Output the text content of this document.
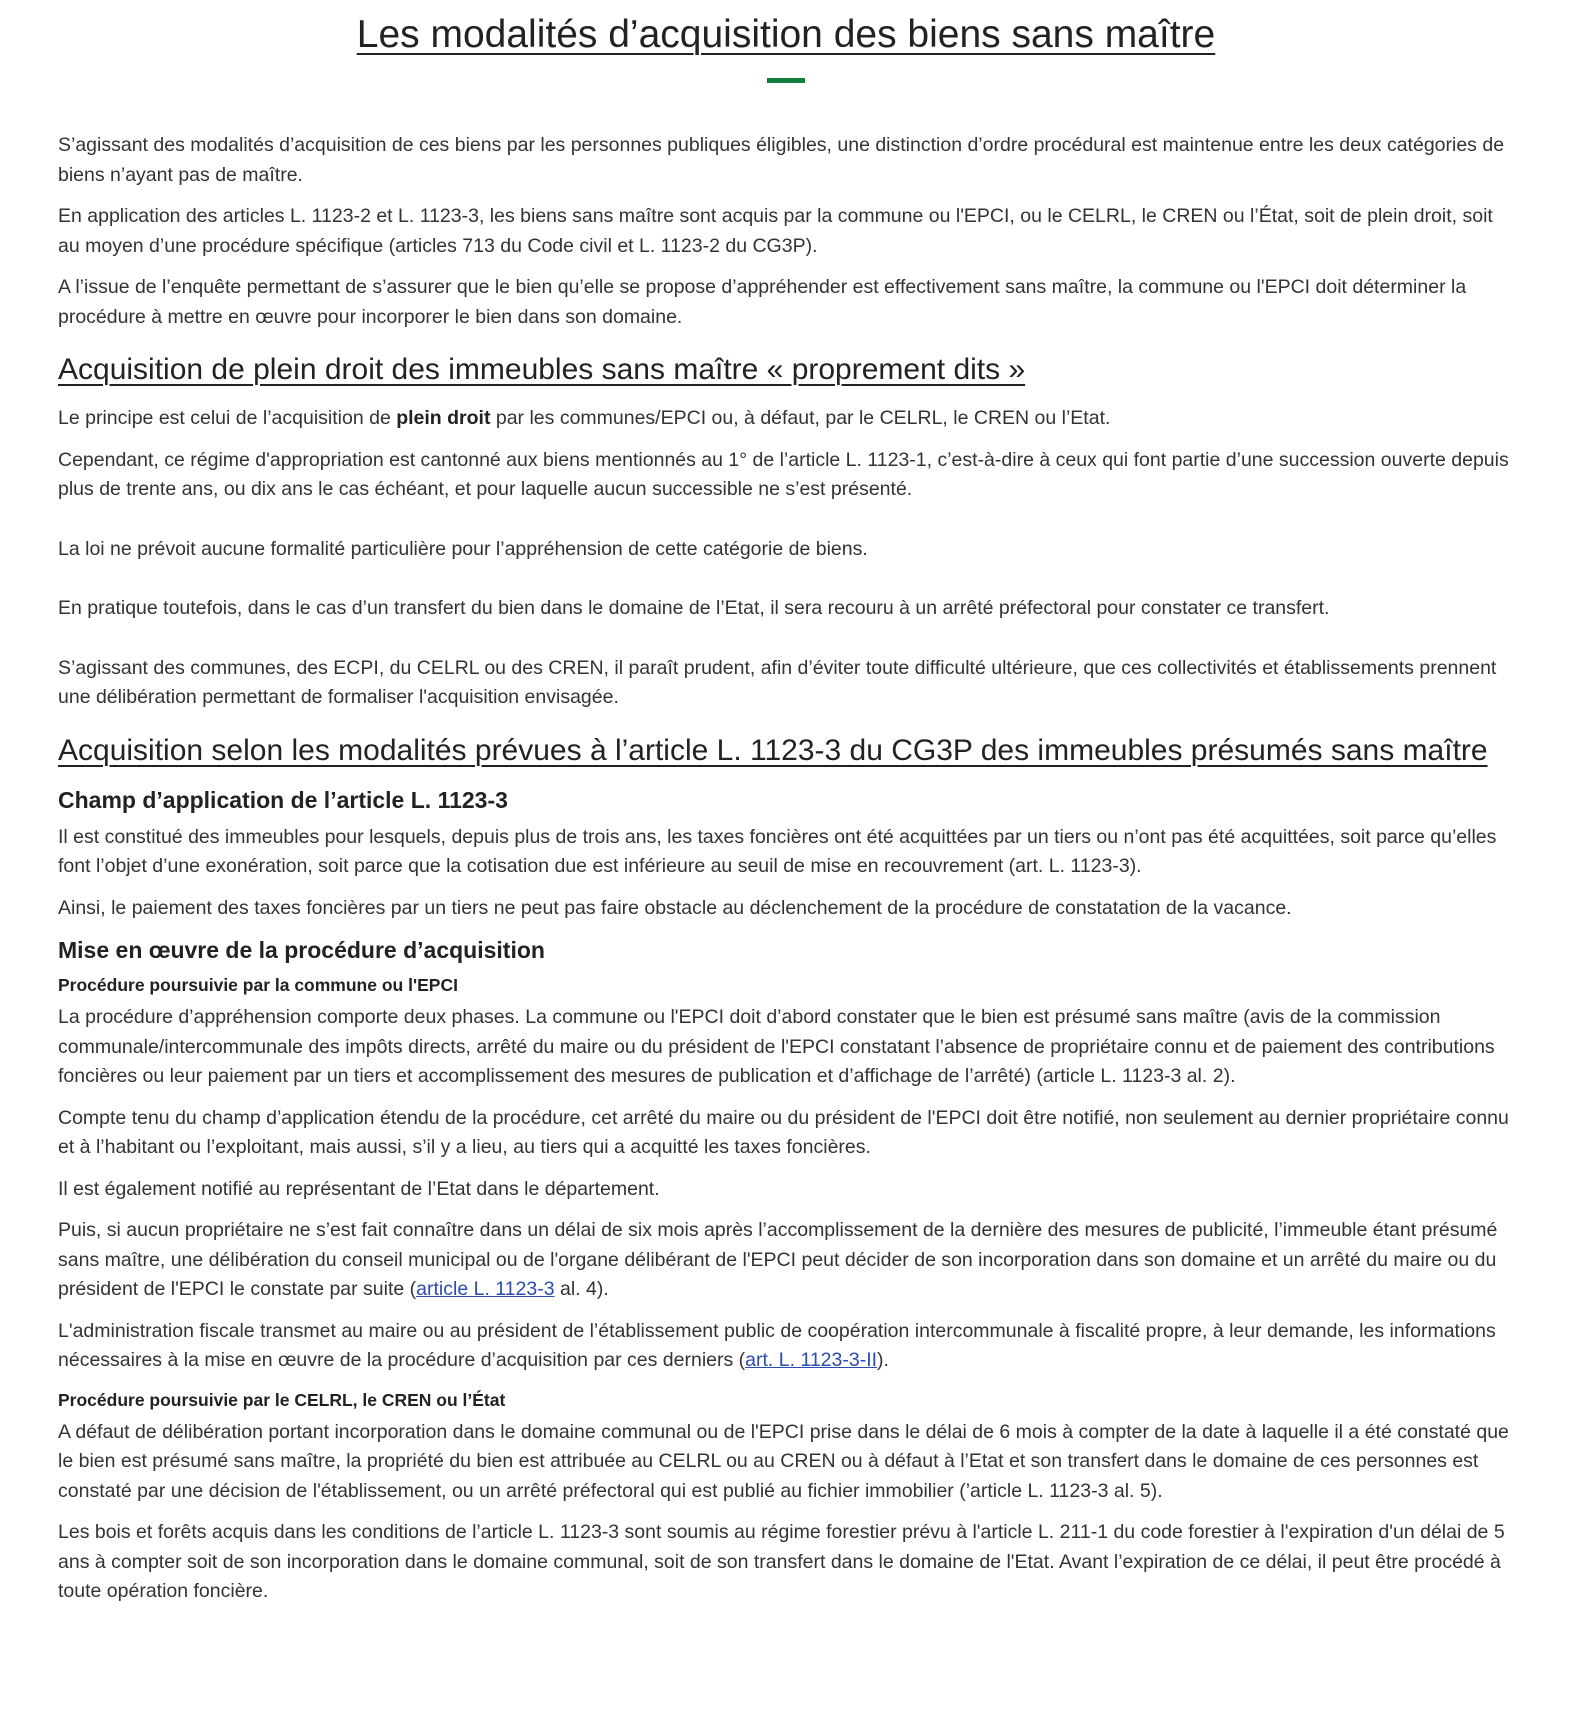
Les modalités d’acquisition des biens sans maître

S’agissant des modalités d’acquisition de ces biens par les personnes publiques éligibles, une distinction d’ordre procédural est maintenue entre les deux catégories de biens n’ayant pas de maître.

En application des articles L. 1123-2 et L. 1123-3, les biens sans maître sont acquis par la commune ou l'EPCI, ou le CELRL, le CREN ou l’État, soit de plein droit, soit au moyen d’une procédure spécifique (articles 713 du Code civil et L. 1123-2 du CG3P).

A l’issue de l’enquête permettant de s’assurer que le bien qu’elle se propose d’appréhender est effectivement sans maître, la commune ou l'EPCI doit déterminer la procédure à mettre en œuvre pour incorporer le bien dans son domaine.

Acquisition de plein droit des immeubles sans maître « proprement dits »

Le principe est celui de l’acquisition de plein droit par les communes/EPCI ou, à défaut, par le CELRL, le CREN ou l’Etat.

Cependant, ce régime d'appropriation est cantonné aux biens mentionnés au 1° de l’article L. 1123-1, c’est-à-dire à ceux qui font partie d’une succession ouverte depuis plus de trente ans, ou dix ans le cas échéant, et pour laquelle aucun successible ne s’est présenté.

La loi ne prévoit aucune formalité particulière pour l’appréhension de cette catégorie de biens.

En pratique toutefois, dans le cas d’un transfert du bien dans le domaine de l’Etat, il sera recouru à un arrêté préfectoral pour constater ce transfert.

S’agissant des communes, des ECPI, du CELRL ou des CREN, il paraît prudent, afin d’éviter toute difficulté ultérieure, que ces collectivités et établissements prennent une délibération permettant de formaliser l'acquisition envisagée.

Acquisition selon les modalités prévues à l’article L. 1123-3 du CG3P des immeubles présumés sans maître
Champ d’application de l’article L. 1123-3

Il est constitué des immeubles pour lesquels, depuis plus de trois ans, les taxes foncières ont été acquittées par un tiers ou n’ont pas été acquittées, soit parce qu’elles font l’objet d’une exonération, soit parce que la cotisation due est inférieure au seuil de mise en recouvrement (art. L. 1123-3).

Ainsi, le paiement des taxes foncières par un tiers ne peut pas faire obstacle au déclenchement de la procédure de constatation de la vacance.

Mise en œuvre de la procédure d’acquisition
Procédure poursuivie par la commune ou l'EPCI

La procédure d’appréhension comporte deux phases. La commune ou l'EPCI doit d’abord constater que le bien est présumé sans maître (avis de la commission communale/intercommunale des impôts directs, arrêté du maire ou du président de l'EPCI constatant l’absence de propriétaire connu et de paiement des contributions foncières ou leur paiement par un tiers et accomplissement des mesures de publication et d’affichage de l’arrêté) (article L. 1123-3 al. 2).

Compte tenu du champ d’application étendu de la procédure, cet arrêté du maire ou du président de l'EPCI doit être notifié, non seulement au dernier propriétaire connu et à l’habitant ou l’exploitant, mais aussi, s’il y a lieu, au tiers qui a acquitté les taxes foncières.

Il est également notifié au représentant de l’Etat dans le département.

Puis, si aucun propriétaire ne s’est fait connaître dans un délai de six mois après l’accomplissement de la dernière des mesures de publicité, l’immeuble étant présumé sans maître, une délibération du conseil municipal ou de l'organe délibérant de l'EPCI peut décider de son incorporation dans son domaine et un arrêté du maire ou du président de l'EPCI le constate par suite (article L. 1123-3 al. 4).

L'administration fiscale transmet au maire ou au président de l’établissement public de coopération intercommunale à fiscalité propre, à leur demande, les informations nécessaires à la mise en œuvre de la procédure d’acquisition par ces derniers (art. L. 1123-3-II).

Procédure poursuivie par le CELRL, le CREN ou l’État

A défaut de délibération portant incorporation dans le domaine communal ou de l'EPCI prise dans le délai de 6 mois à compter de la date à laquelle il a été constaté que le bien est présumé sans maître, la propriété du bien est attribuée au CELRL ou au CREN ou à défaut à l’Etat et son transfert dans le domaine de ces personnes est constaté par une décision de l'établissement, ou un arrêté préfectoral qui est publié au fichier immobilier (’article L. 1123-3 al. 5).

Les bois et forêts acquis dans les conditions de l’article L. 1123-3 sont soumis au régime forestier prévu à l'article L. 211-1 du code forestier à l'expiration d'un délai de 5 ans à compter soit de son incorporation dans le domaine communal, soit de son transfert dans le domaine de l'Etat. Avant l’expiration de ce délai, il peut être procédé à toute opération foncière.
